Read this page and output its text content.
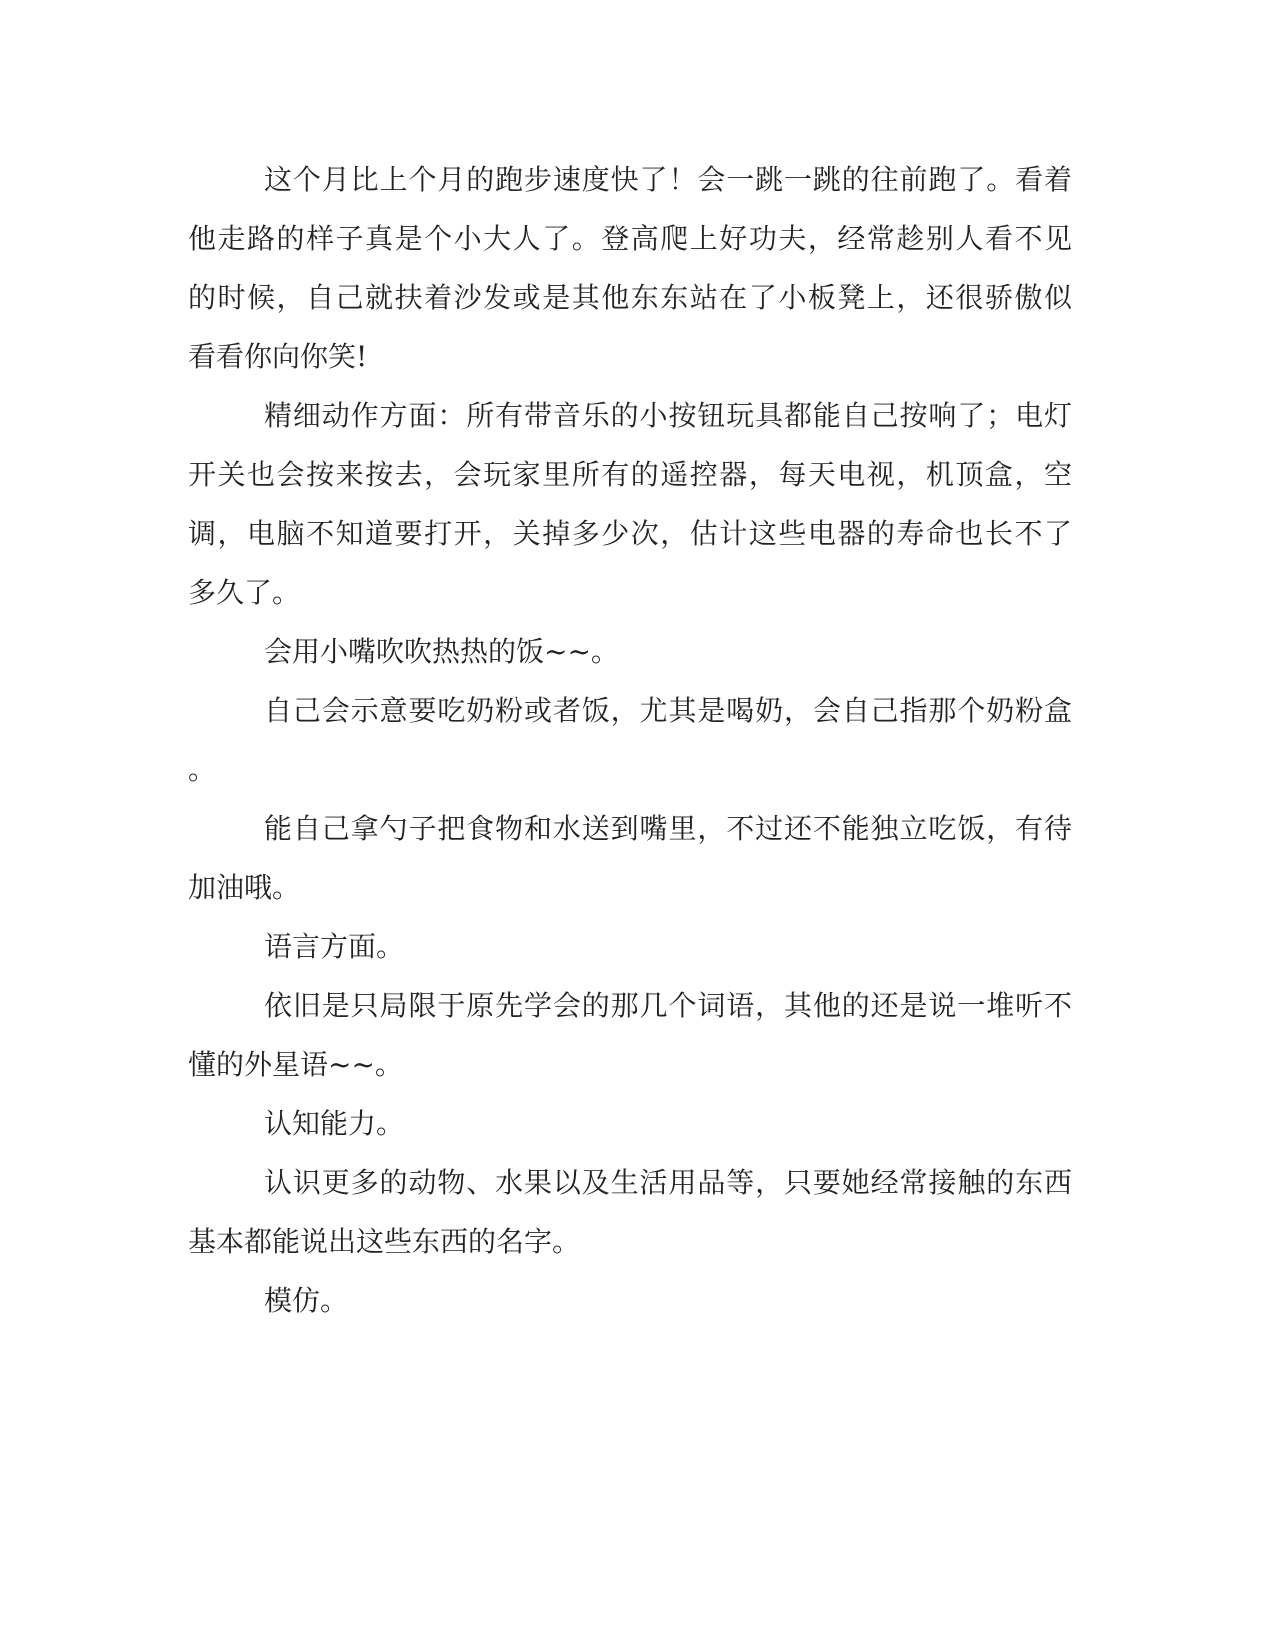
这个月比上个月的跑步速度快了！会一跳一跳的往前跑了。看着
他走路的样子真是个小大人了。登高爬上好功夫，经常趁别人看不见
的时候，自己就扶着沙发或是其他东东站在了小板凳上，还很骄傲似
看看你向你笑!
精细动作方面：所有带音乐的小按钮玩具都能自己按响了；电灯
开关也会按来按去，会玩家里所有的遥控器，每天电视，机顶盒，空
调，电脑不知道要打开，关掉多少次，估计这些电器的寿命也长不了
多久了。
会用小嘴吹吹热热的饭~~。
自己会示意要吃奶粉或者饭，尤其是喝奶，会自己指那个奶粉盒
。
能自己拿勺子把食物和水送到嘴里，不过还不能独立吃饭，有待
加油哦。
语言方面。
依旧是只局限于原先学会的那几个词语，其他的还是说一堆听不
懂的外星语~~。
认知能力。
认识更多的动物、水果以及生活用品等，只要她经常接触的东西
基本都能说出这些东西的名字。
模仿。
